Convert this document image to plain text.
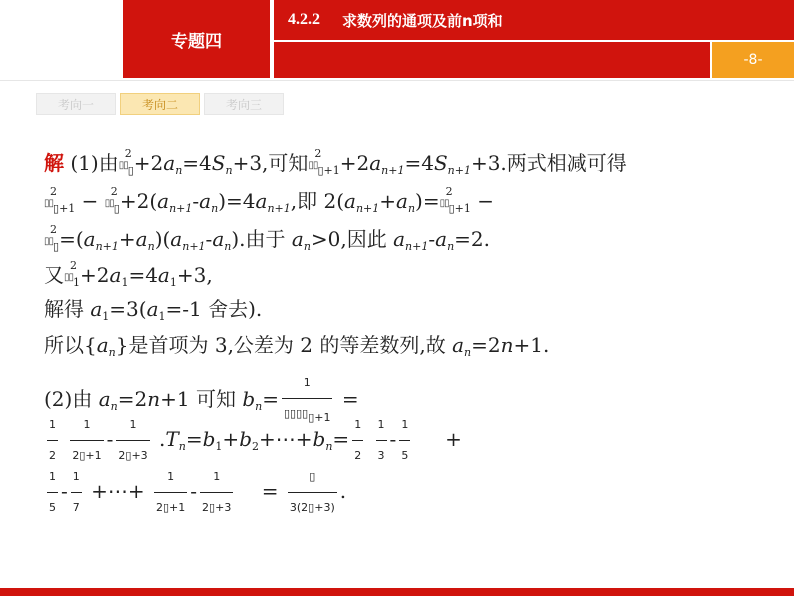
专题四
4.2.2 求数列的通项及前n项和
-8-
考向一	考向二	考向三
解 (1)由▯▯
2
$_▯+2a_n=4S_n+3$,可知▯▯
2
$_{▯+1}+2a_{n+1}=4S_{n+1}+3$.两式相减可得
▯▯
2
$_{▯+1}$ − ▯▯
2
$_▯+2(a_{n+1}-a_n)=4a_{n+1}$,即 $2(a_{n+1}+a_n)=▯▯$
2
$_{▯+1}$ −
▯▯
2
$_▯=(a_{n+1}+a_n)(a_{n+1}-a_n)$.由于 $a_n>0$,因此 $a_{n+1}-a_n=2$.
又▯▯
2
$_1+2a_1=4a_1+3$,
解得 $a_1=3(a_1=-1$ 舍去).
所以$\{a_n\}$是首项为 3,公差为 2 的等差数列,故 $a_n=2n+1$.
(2)由 $a_n=2n+1$ 可知 $b_n= \frac{1}{▯▯▯▯_{▯+1}}$ =
$\frac{1}{2}$
$\frac{1}{2▯+1} - \frac{1}{2▯+3}$ $.T_n=b_1+b_2+\cdots+b_n= \frac{1}{2}$
$\frac{1}{3} - \frac{1}{5}$ +
$\frac{1}{5} - \frac{1}{7}$ +⋯+ $\frac{1}{2▯+1} - \frac{1}{2▯+3} = \frac{▯}{3(2▯+3)}$ .
